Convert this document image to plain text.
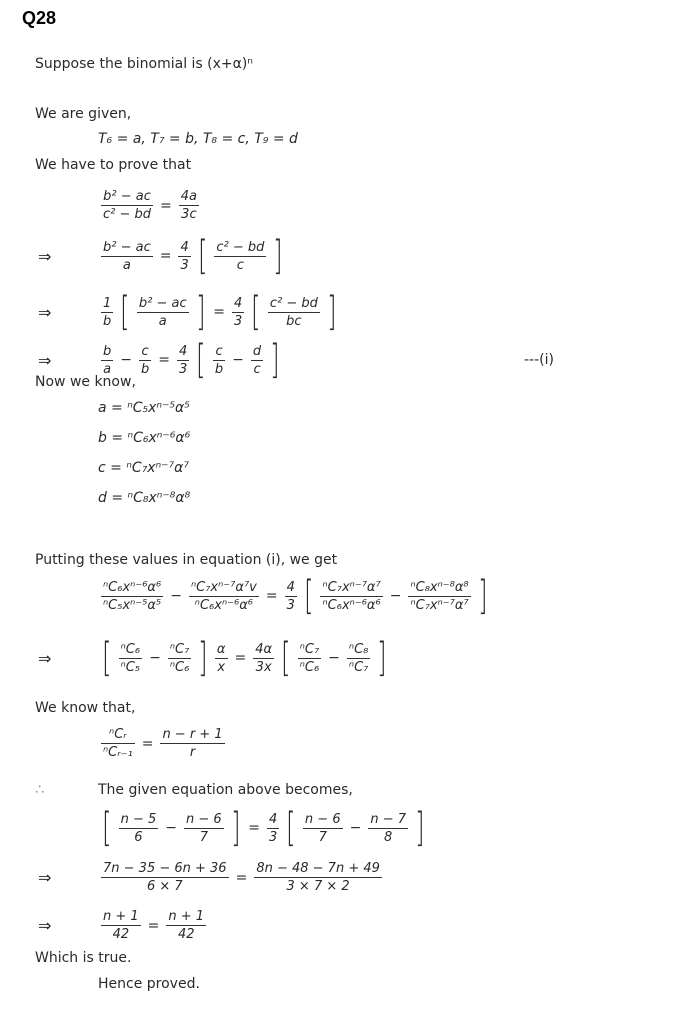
Q28
Suppose the binomial is (x+α)ⁿ
We are given,
T₆ = a, T₇ = b, T₈ = c, T₉ = d
We have to prove that
$\frac{\text{b² − ac}}{\text{c² − bd}} = \frac{4a}{3c}$
⇒	$\frac{\text{b² − ac}}{a} = \frac{4}{3}$ [ $\frac{\text{c² − bd}}{c}$ ]
⇒	$\frac{1}{b}$ [ $\frac{\text{b² − ac}}{a}$ ] = $\frac{4}{3}$ [ $\frac{\text{c² − bd}}{bc}$ ]
⇒	$\frac{b}{a} - \frac{c}{b} = \frac{4}{3}$ [ $\frac{c}{b} - \frac{d}{c}$ ]	---(i)
Now we know,
a = ⁿC₅xⁿ⁻⁵α⁵
b = ⁿC₆xⁿ⁻⁶α⁶
c = ⁿC₇xⁿ⁻⁷α⁷
d = ⁿC₈xⁿ⁻⁸α⁸
Putting these values in equation (i), we get
$\frac{\text{ⁿC₆xⁿ⁻⁶α⁶}}{\text{ⁿC₅xⁿ⁻⁵α⁵}} - \frac{\text{ⁿC₇xⁿ⁻⁷α⁷v}}{\text{ⁿC₆xⁿ⁻⁶α⁶}} = \frac{4}{3}$ [ $\frac{\text{ⁿC₇xⁿ⁻⁷α⁷}}{\text{ⁿC₆xⁿ⁻⁶α⁶}} - \frac{\text{ⁿC₈xⁿ⁻⁸α⁸}}{\text{ⁿC₇xⁿ⁻⁷α⁷}}$ ]
⇒ [ $\frac{\text{ⁿC₆}}{\text{ⁿC₅}} - \frac{\text{ⁿC₇}}{\text{ⁿC₆}}$ ] $\frac{\alpha}{x} = \frac{4\alpha}{3x}$ [ $\frac{\text{ⁿC₇}}{\text{ⁿC₆}} - \frac{\text{ⁿC₈}}{\text{ⁿC₇}}$ ]
We know that,
$\frac{\text{ⁿCᵣ}}{\text{ⁿCᵣ₋₁}} = \frac{n - r + 1}{r}$
∴	The given equation above becomes,
[ $\frac{n - 5}{6} - \frac{n - 6}{7}$ ] = $\frac{4}{3}$ [ $\frac{n - 6}{7} - \frac{n - 7}{8}$ ]
⇒	$\frac{7n - 35 - 6n + 36}{6 \times 7} = \frac{8n - 48 - 7n + 49}{3 \times 7 \times 2}$
⇒	$\frac{n + 1}{42} = \frac{n + 1}{42}$
Which is true.
Hence proved.
